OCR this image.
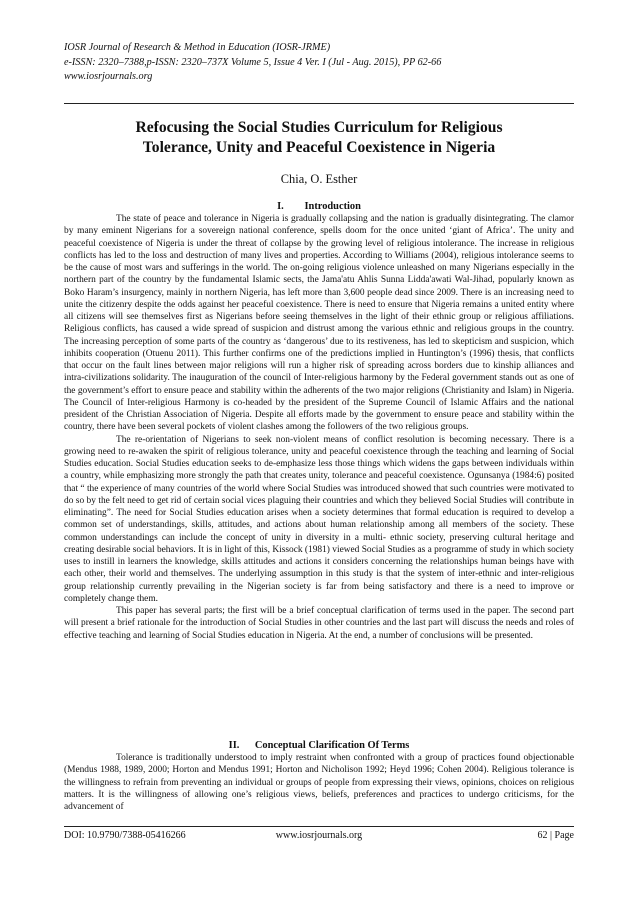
IOSR Journal of Research & Method in Education (IOSR-JRME)
e-ISSN: 2320–7388,p-ISSN: 2320–737X Volume 5, Issue 4 Ver. I (Jul - Aug. 2015), PP 62-66
www.iosrjournals.org
Refocusing the Social Studies Curriculum for Religious
Tolerance, Unity and Peaceful Coexistence in Nigeria
Chia, O. Esther
I.        Introduction

The state of peace and tolerance in Nigeria is gradually collapsing and the nation is gradually disintegrating. The clamor by many eminent Nigerians for a sovereign national conference, spells doom for the once united ‘giant of Africa’. The unity and peaceful coexistence of Nigeria is under the threat of collapse by the growing level of religious intolerance. The increase in religious conflicts has led to the loss and destruction of many lives and properties. According to Williams (2004), religious intolerance seems to be the cause of most wars and sufferings in the world. The on-going religious violence unleashed on many Nigerians especially in the northern part of the country by the fundamental Islamic sects, the Jama'atu Ahlis Sunna Lidda'awati Wal-Jihad, popularly known as Boko Haram’s insurgency, mainly in northern Nigeria, has left more than 3,600 people dead since 2009. There is an increasing need to unite the citizenry despite the odds against her peaceful coexistence. There is need to ensure that Nigeria remains a united entity where all citizens will see themselves first as Nigerians before seeing themselves in the light of their ethnic group or religious affiliations. Religious conflicts, has caused a wide spread of suspicion and distrust among the various ethnic and religious groups in the country. The increasing perception of some parts of the country as ‘dangerous’ due to its restiveness, has led to skepticism and suspicion, which inhibits cooperation (Otuenu 2011). This further confirms one of the predictions implied in Huntington’s (1996) thesis, that conflicts that occur on the fault lines between major religions will run a higher risk of spreading across borders due to kinship alliances and intra-civilizations solidarity. The inauguration of the council of Inter-religious harmony by the Federal government stands out as one of the government’s effort to ensure peace and stability within the adherents of the two major religions (Christianity and Islam) in Nigeria. The Council of Inter-religious Harmony is co-headed by the president of the Supreme Council of Islamic Affairs and the national president of the Christian Association of Nigeria. Despite all efforts made by the government to ensure peace and stability within the country, there have been several pockets of violent clashes among the followers of the two religious groups.

The re-orientation of Nigerians to seek non-violent means of conflict resolution is becoming necessary. There is a growing need to re-awaken the spirit of religious tolerance, unity and peaceful coexistence through the teaching and learning of Social Studies education. Social Studies education seeks to de-emphasize less those things which widens the gaps between individuals within a country, while emphasizing more strongly the path that creates unity, tolerance and peaceful coexistence. Ogunsanya (1984:6) posited that “ the experience of many countries of the world where Social Studies was introduced showed that such countries were motivated to do so by the felt need to get rid of certain social vices plaguing their countries and which they believed Social Studies will contribute in eliminating”. The need for Social Studies education arises when a society determines that formal education is required to develop a common set of understandings, skills, attitudes, and actions about human relationship among all members of the society. These common understandings can include the concept of unity in diversity in a multi- ethnic society, preserving cultural heritage and creating desirable social behaviors. It is in light of this, Kissock (1981) viewed Social Studies as a programme of study in which society uses to instill in learners the knowledge, skills attitudes and actions it considers concerning the relationships human beings have with each other, their world and themselves. The underlying assumption in this study is that the system of inter-ethnic and inter-religious group relationship currently prevailing in the Nigerian society is far from being satisfactory and there is a need to improve or completely change them.

This paper has several parts; the first will be a brief conceptual clarification of terms used in the paper. The second part will present a brief rationale for the introduction of Social Studies in other countries and the last part will discuss the needs and roles of effective teaching and learning of Social Studies education in Nigeria. At the end, a number of conclusions will be presented.

II.      Conceptual Clarification Of Terms

Tolerance is traditionally understood to imply restraint when confronted with a group of practices found objectionable (Mendus 1988, 1989, 2000; Horton and Mendus 1991; Horton and Nicholison 1992; Heyd 1996; Cohen 2004). Religious tolerance is the willingness to refrain from preventing an individual or groups of people from expressing their views, opinions, choices on religious matters. It is the willingness of allowing one’s religious views, beliefs, preferences and practices to undergo criticisms, for the advancement of

DOI: 10.9790/7388-05416266	www.iosrjournals.org	62 | Page
